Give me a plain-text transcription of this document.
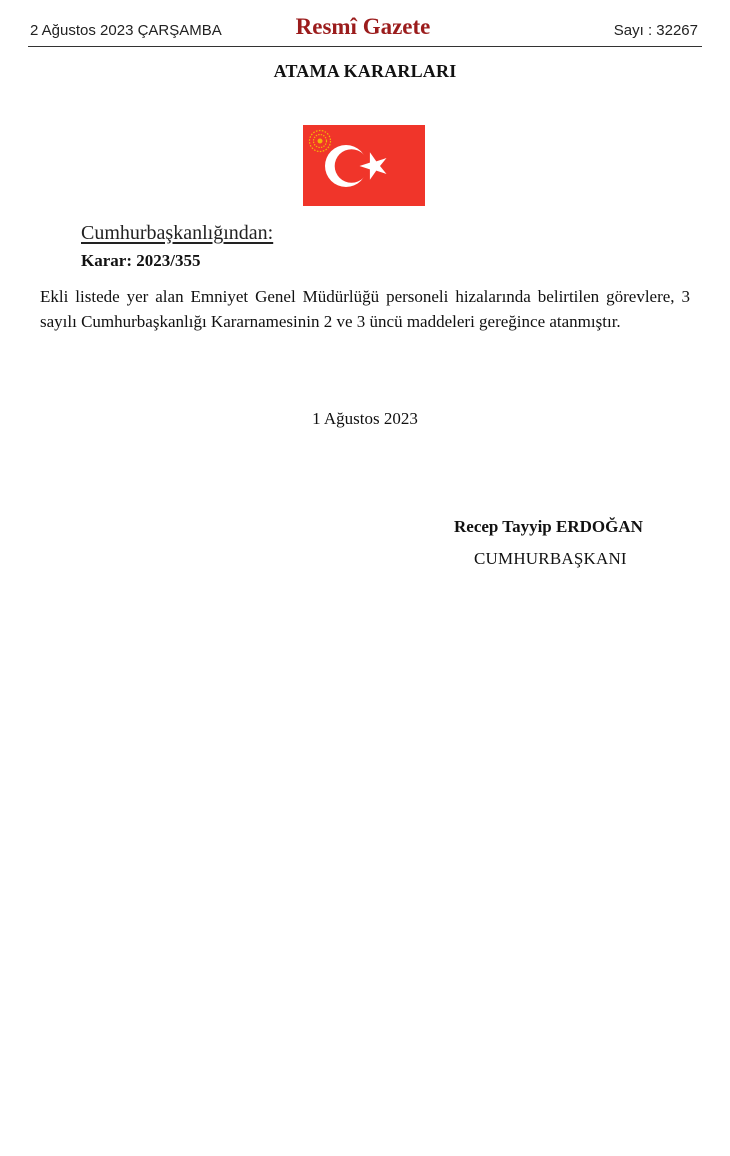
2 Ağustos 2023 ÇARŞAMBA	Resmî Gazete	Sayı : 32267
ATAMA KARARLARI
Cumhurbaşkanlığından:
Karar: 2023/355
Ekli listede yer alan Emniyet Genel Müdürlüğü personeli hizalarında belirtilen görevlere, 3 sayılı Cumhurbaşkanlığı Kararnamesinin 2 ve 3 üncü maddeleri gereğince atanmıştır.
1 Ağustos 2023
Recep Tayyip ERDOĞAN
CUMHURBAŞKANI
